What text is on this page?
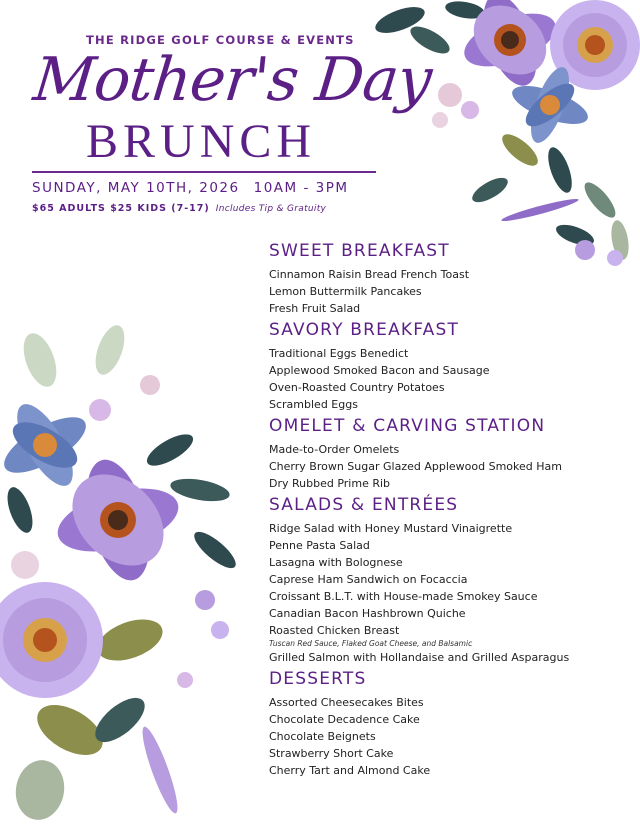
THE RIDGE GOLF COURSE & EVENTS
Mother's Day
BRUNCH
SUNDAY, MAY 10TH, 2026 10AM - 3PM
$65 ADULTS $25 KIDS (7-17) Includes Tip & Gratuity
SWEET BREAKFAST
Cinnamon Raisin Bread French Toast
Lemon Buttermilk Pancakes
Fresh Fruit Salad
SAVORY BREAKFAST
Traditional Eggs Benedict
Applewood Smoked Bacon and Sausage
Oven-Roasted Country Potatoes
Scrambled Eggs
OMELET & CARVING STATION
Made-to-Order Omelets
Cherry Brown Sugar Glazed Applewood Smoked Ham
Dry Rubbed Prime Rib
SALADS & ENTRÉES
Ridge Salad with Honey Mustard Vinaigrette
Penne Pasta Salad
Lasagna with Bolognese
Caprese Ham Sandwich on Focaccia
Croissant B.L.T. with House-made Smokey Sauce
Canadian Bacon Hashbrown Quiche
Roasted Chicken Breast
Tuscan Red Sauce, Flaked Goat Cheese, and Balsamic
Grilled Salmon with Hollandaise and Grilled Asparagus
DESSERTS
Assorted Cheesecakes Bites
Chocolate Decadence Cake
Chocolate Beignets
Strawberry Short Cake
Cherry Tart and Almond Cake
